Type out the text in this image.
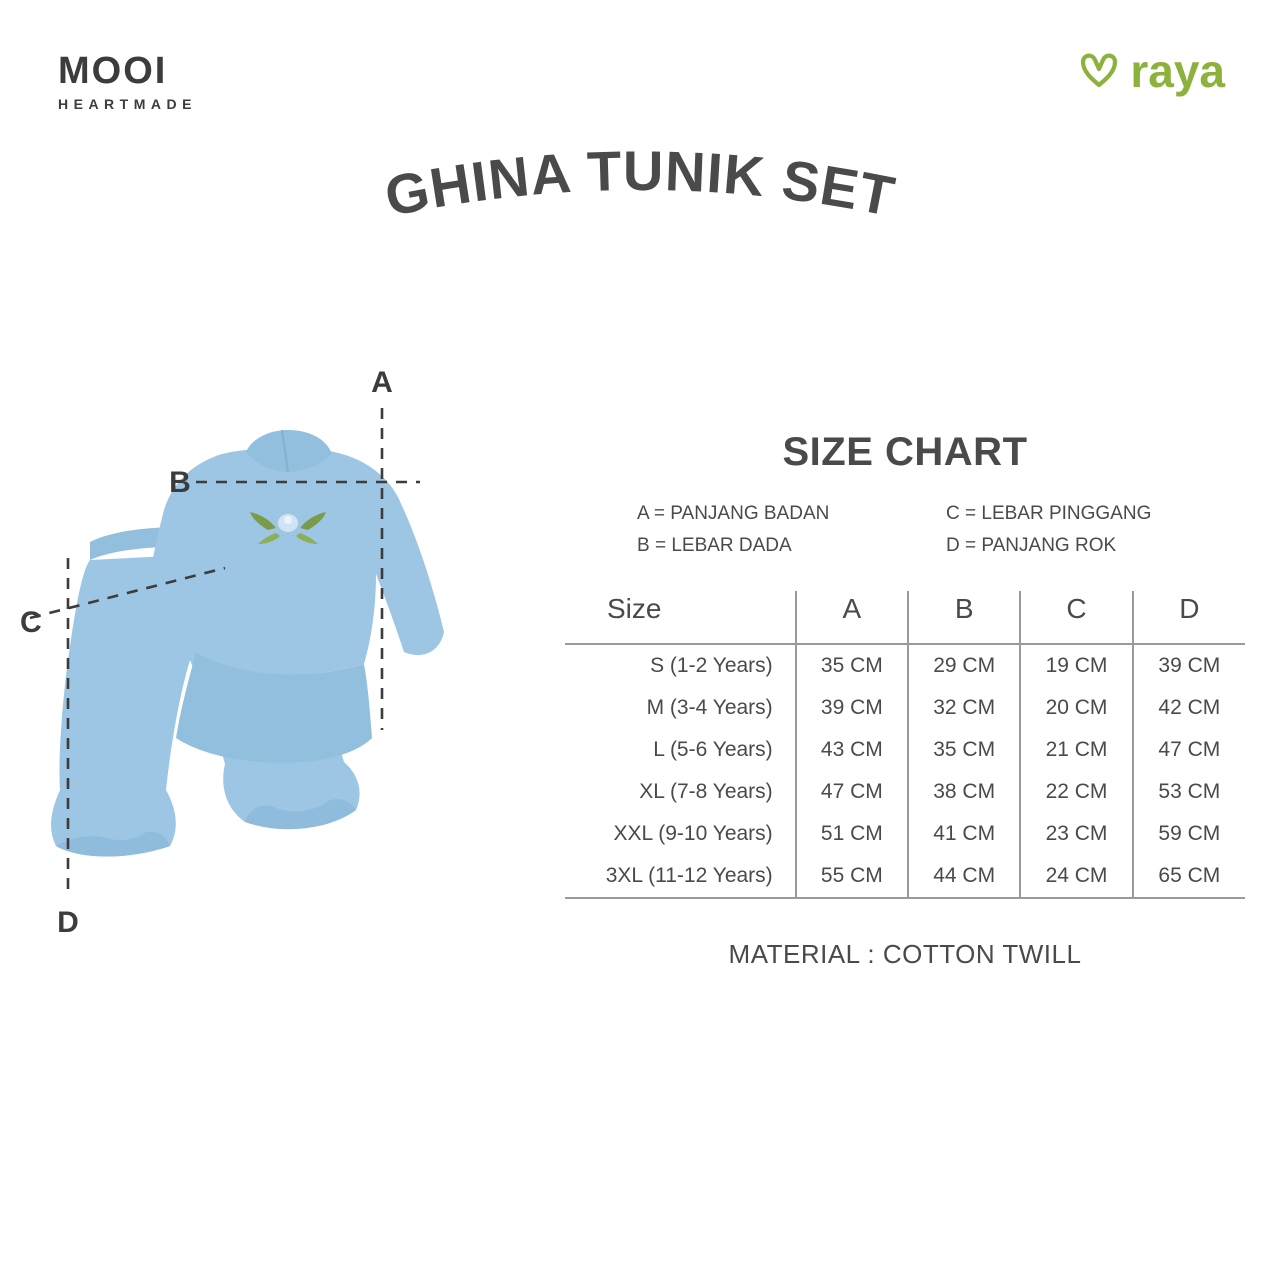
MOOI
HEARTMADE
raya
GHINA TUNIK SET
A
B
C
D
SIZE CHART
A = PANJANG BADAN	C = LEBAR PINGGANG
B = LEBAR DADA	D = PANJANG ROK
Size	A	B	C	D
S (1-2 Years)	35 CM	29 CM	19 CM	39 CM
M (3-4 Years)	39 CM	32 CM	20 CM	42 CM
L (5-6 Years)	43 CM	35 CM	21 CM	47 CM
XL (7-8 Years)	47 CM	38 CM	22 CM	53 CM
XXL (9-10 Years)	51 CM	41 CM	23 CM	59 CM
3XL (11-12 Years)	55 CM	44 CM	24 CM	65 CM
MATERIAL : COTTON TWILL
